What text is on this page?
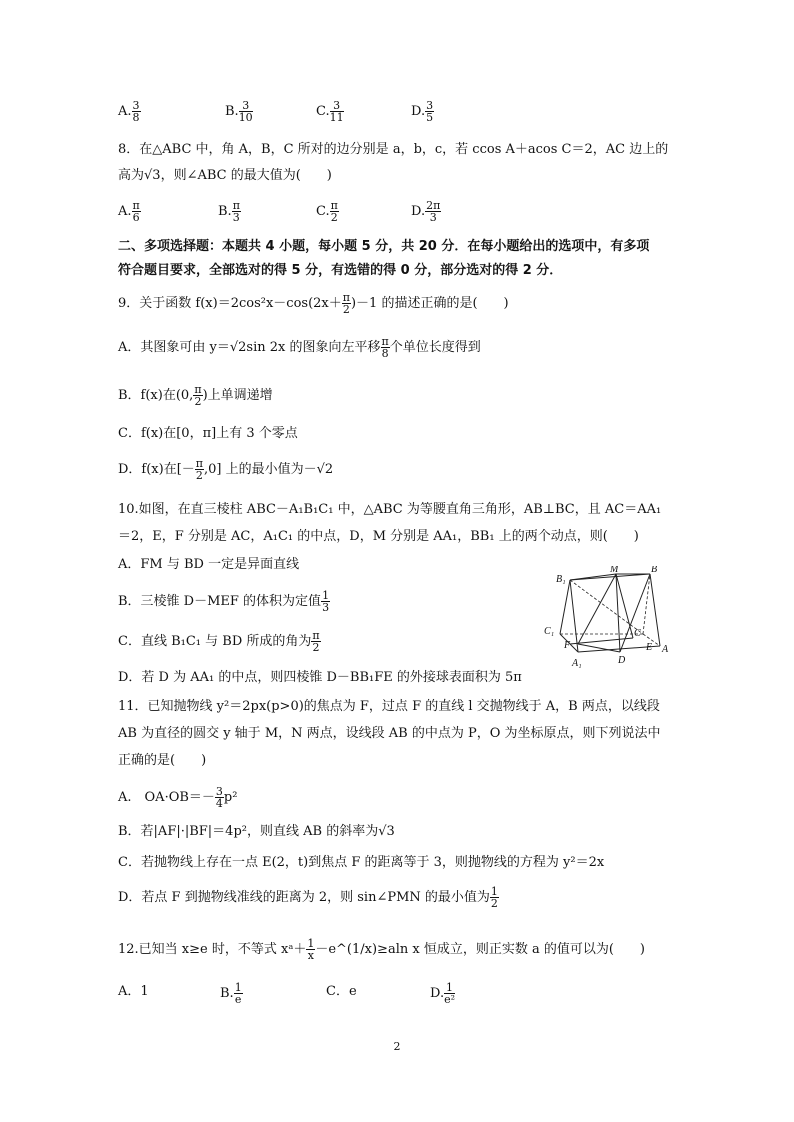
A. $\frac{3}{8}$	B. $\frac{3}{10}$	C. $\frac{3}{11}$	D. $\frac{3}{5}$
8．在△ABC 中，角 A，B，C 所对的边分别是 a，b，c，若 ccos A＋acos C＝2，AC 边上的
高为√3，则∠ABC 的最大值为(　　)
A. $\frac{\pi}{6}$	B. $\frac{\pi}{3}$	C. $\frac{\pi}{2}$	D. $\frac{2\pi}{3}$
二、多项选择题：本题共 4 小题，每小题 5 分，共 20 分．在每小题给出的选项中，有多项
符合题目要求，全部选对的得 5 分，有选错的得 0 分，部分选对的得 2 分．
9．关于函数 $f(x)=2\cos^2x-\cos(2x+ \frac{\pi}{2} )-1$ 的描述正确的是(　　)
A．其图象可由 y＝√2sin 2x 的图象向左平移 $\frac{\pi}{8}$ 个单位长度得到
B．f(x)在(0, $\frac{\pi}{2}$ )上单调递增
C．f(x)在[0，π]上有 3 个零点
D．f(x)在[－ $\frac{\pi}{2} ,0$] 上的最小值为－√2
10.如图，在直三棱柱 ABC－A₁B₁C₁ 中，△ABC 为等腰直角三角形，AB⊥BC，且 AC＝AA₁
＝2，E，F 分别是 AC，A₁C₁ 的中点，D，M 分别是 AA₁，BB₁ 上的两个动点，则(　　)
A．FM 与 BD 一定是异面直线
B．三棱锥 D－MEF 的体积为定值 $\frac{1}{3}$
C．直线 B₁C₁ 与 BD 所成的角为 $\frac{\pi}{2}$
D．若 D 为 AA₁ 的中点，则四棱锥 D－BB₁FE 的外接球表面积为 5π
B₁
M	B
C₁	C
F	E A
A₁	D
11．已知抛物线 y²＝2px(p>0)的焦点为 F，过点 F 的直线 l 交抛物线于 A，B 两点，以线段
AB 为直径的圆交 y 轴于 M，N 两点，设线段 AB 的中点为 P，O 为坐标原点，则下列说法中
正确的是(　　)
A.　$OA\cdot OB=- \frac{3}{4} p^2$
B．若|AF|·|BF|＝4p²，则直线 AB 的斜率为√3
C．若抛物线上存在一点 E(2，t)到焦点 F 的距离等于 3，则抛物线的方程为 y²＝2x
D．若点 F 到抛物线准线的距离为 2，则 sin∠PMN 的最小值为 $\frac{1}{2}$
12.已知当 x≥e 时，不等式 xᵃ＋ $\frac{1}{x}$ －e^(1/x)≥aln x 恒成立，则正实数 a 的值可以为(　　)
A．1	B. $\frac{1}{e}$	C．e	D. $\frac{1}{\text{e²}}$
2
